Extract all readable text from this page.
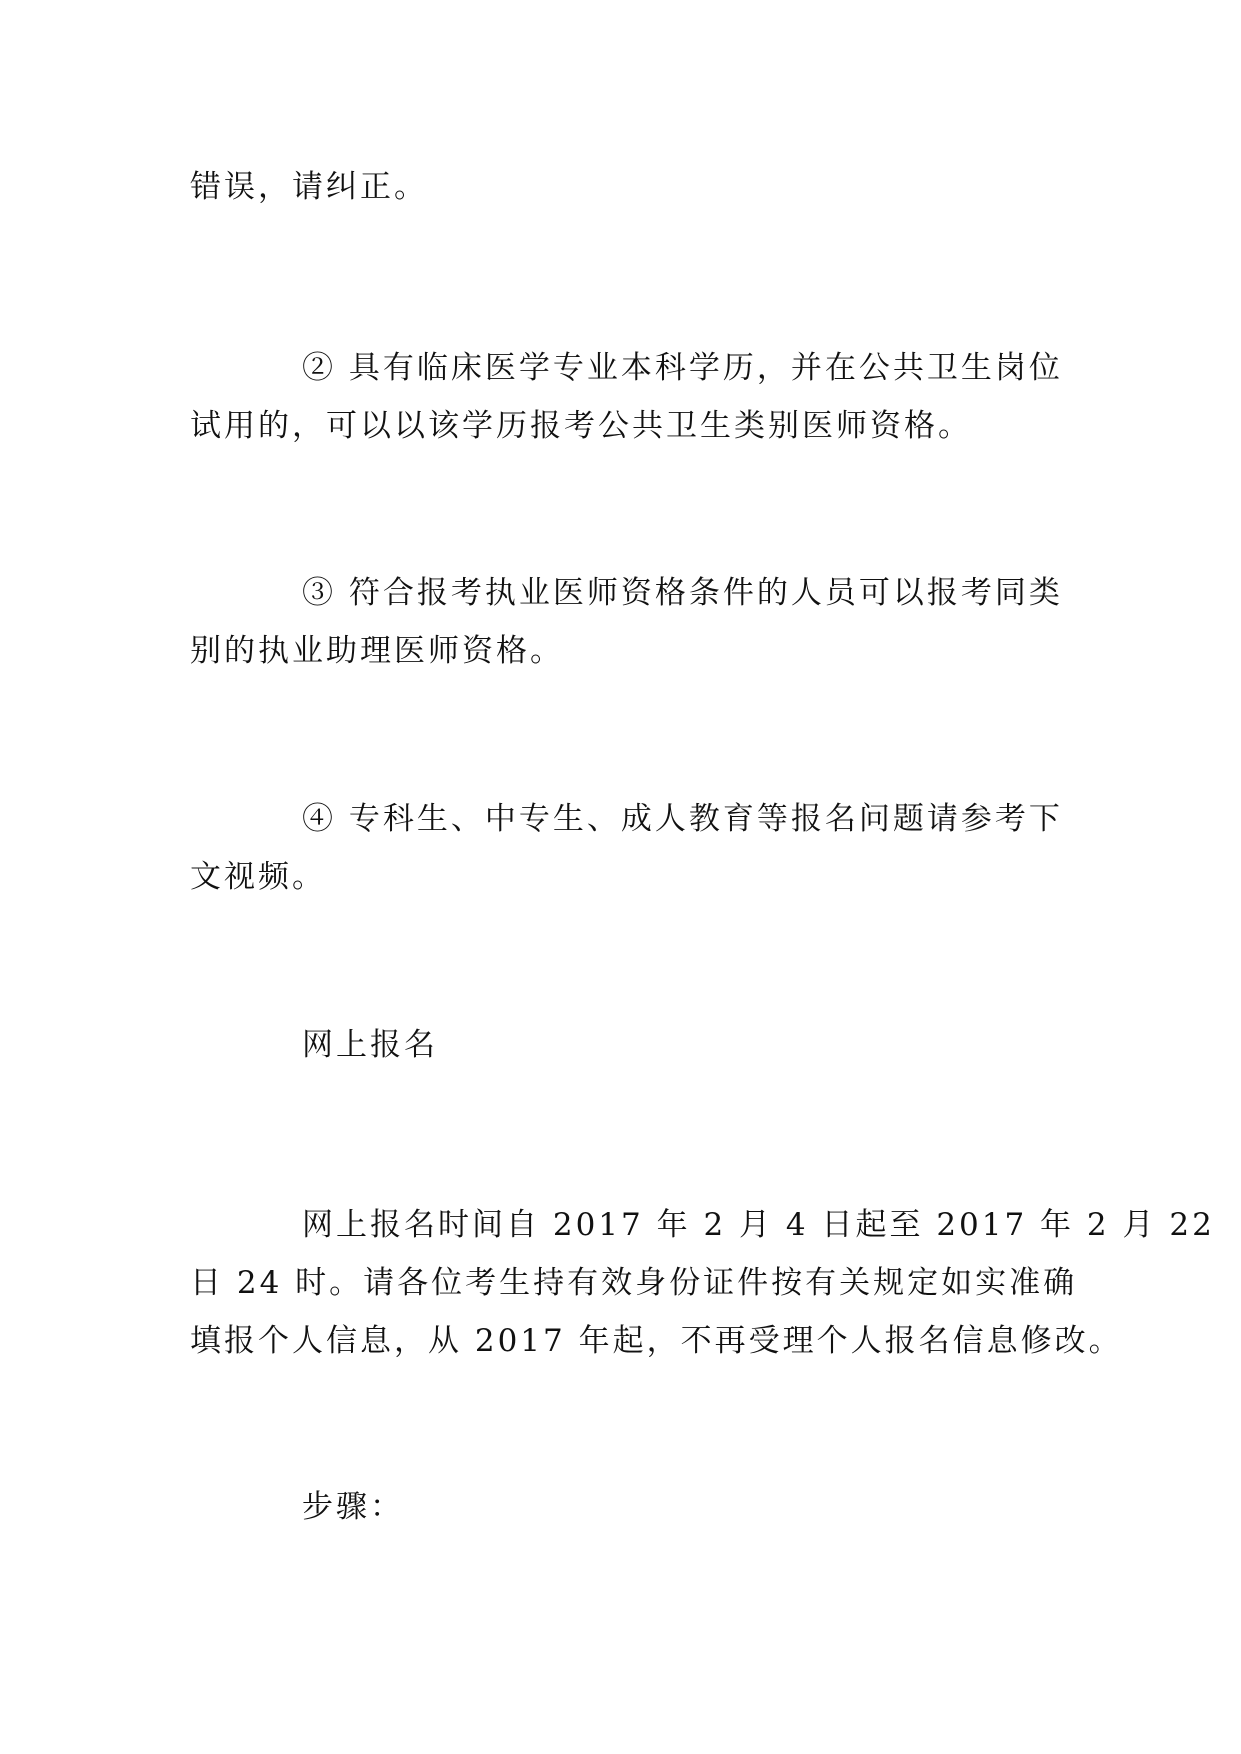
错误，请纠正。

② 具有临床医学专业本科学历，并在公共卫生岗位
试用的，可以以该学历报考公共卫生类别医师资格。

③ 符合报考执业医师资格条件的人员可以报考同类
别的执业助理医师资格。

④ 专科生、中专生、成人教育等报名问题请参考下
文视频。

网上报名

网上报名时间自 2017 年 2 月 4 日起至 2017 年 2 月 22
日 24 时。请各位考生持有效身份证件按有关规定如实准确
填报个人信息，从 2017 年起，不再受理个人报名信息修改。

步骤：
